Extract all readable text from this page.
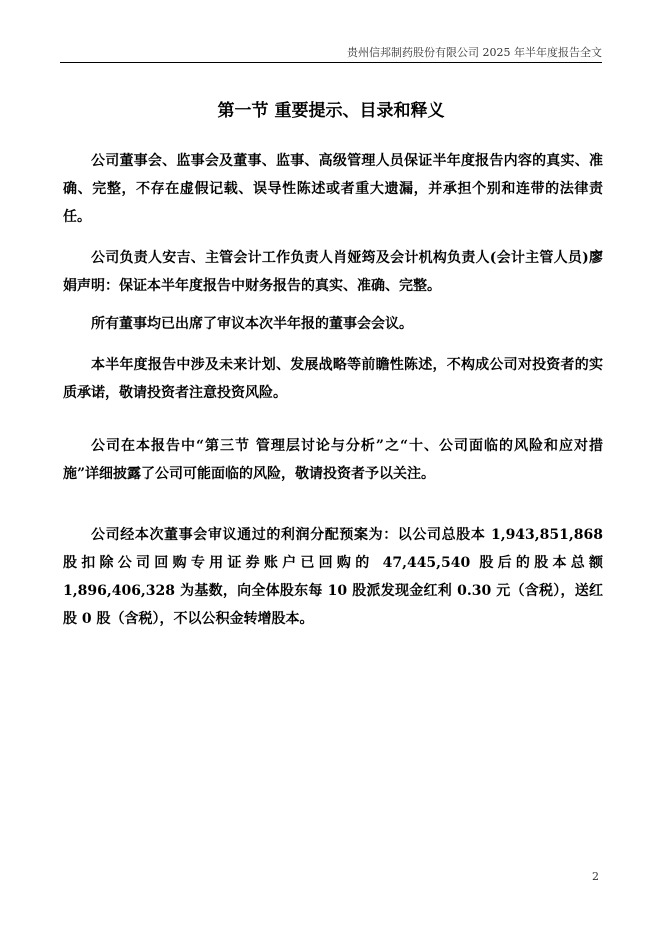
贵州信邦制药股份有限公司 2025 年半年度报告全文
第一节 重要提示、目录和释义
公司董事会、监事会及董事、监事、高级管理人员保证半年度报告内容的真实、准确、完整，不存在虚假记载、误导性陈述或者重大遗漏，并承担个别和连带的法律责任。
公司负责人安吉、主管会计工作负责人肖娅筠及会计机构负责人(会计主管人员)廖娟声明：保证本半年度报告中财务报告的真实、准确、完整。
所有董事均已出席了审议本次半年报的董事会会议。
本半年度报告中涉及未来计划、发展战略等前瞻性陈述，不构成公司对投资者的实质承诺，敬请投资者注意投资风险。
公司在本报告中“第三节 管理层讨论与分析”之“十、公司面临的风险和应对措施”详细披露了公司可能面临的风险，敬请投资者予以关注。
公司经本次董事会审议通过的利润分配预案为：以公司总股本 1,943,851,868 股扣除公司回购专用证券账户已回购的 47,445,540 股后的股本总额 1,896,406,328 为基数，向全体股东每 10 股派发现金红利 0.30 元（含税），送红股 0 股（含税），不以公积金转增股本。
2
